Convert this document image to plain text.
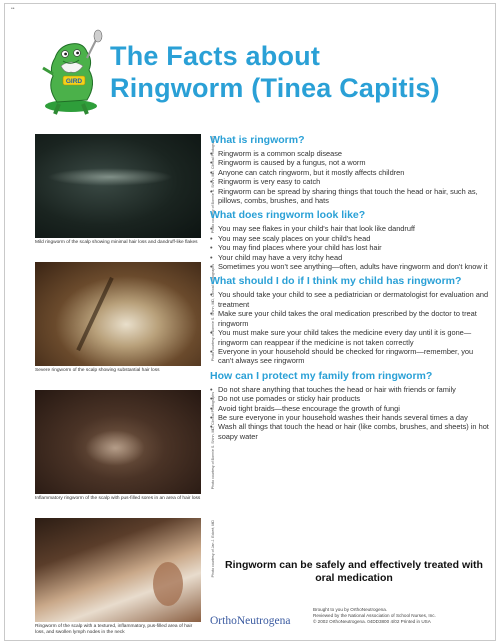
••
GIRD
The Facts about
Ringworm (Tinea Capitis)
Photo courtesy of Bonnie S. Shinn, MD, Clinical Photographs
Mild ringworm of the scalp showing minimal hair loss and dandruff-like flakes
Photo courtesy of Bonnie S. Shinn, MD, Clinical Photographs
Severe ringworm of the scalp showing substantial hair loss
Photo courtesy of Bonnie S. Shinn, MD, Clinical Photographs
Inflammatory ringworm of the scalp with pus-filled sores in an area of hair loss
Photo courtesy of Jan J. Eckert, MD
Ringworm of the scalp with a textured, inflammatory, pus-filled area of hair loss, and swollen lymph nodes in the neck
What is ringworm?
• Ringworm is a common scalp disease
• Ringworm is caused by a fungus, not a worm
• Anyone can catch ringworm, but it mostly affects children
• Ringworm is very easy to catch
• Ringworm can be spread by sharing things that touch the head or hair, such as, pillows, combs, brushes, and hats
What does ringworm look like?
• You may see flakes in your child's hair that look like dandruff
• You may see scaly places on your child's head
• You may find places where your child has lost hair
• Your child may have a very itchy head
• Sometimes you won't see anything—often, adults have ringworm and don't know it
What should I do if I think my child has ringworm?
• You should take your child to see a pediatrician or dermatologist for evaluation and treatment
• Make sure your child takes the oral medication prescribed by the doctor to treat ringworm
• You must make sure your child takes the medicine every day until it is gone—ringworm can reappear if the medicine is not taken correctly
• Everyone in your household should be checked for ringworm—remember, you can't always see ringworm
How can I protect my family from ringworm?
• Do not share anything that touches the head or hair with friends or family
• Do not use pomades or sticky hair products
• Avoid tight braids—these encourage the growth of fungi
• Be sure everyone in your household washes their hands several times a day
• Wash all things that touch the head or hair (like combs, brushes, and sheets) in hot soapy water
Ringworm can be safely and effectively treated with oral medication
OrthoNeutrogena
Brought to you by OrthoNeutrogena.
Reviewed by the National Association of School Nurses, Inc.
© 2002 OrthoNeutrogena. 04DD3800 4/02 Printed in USA
